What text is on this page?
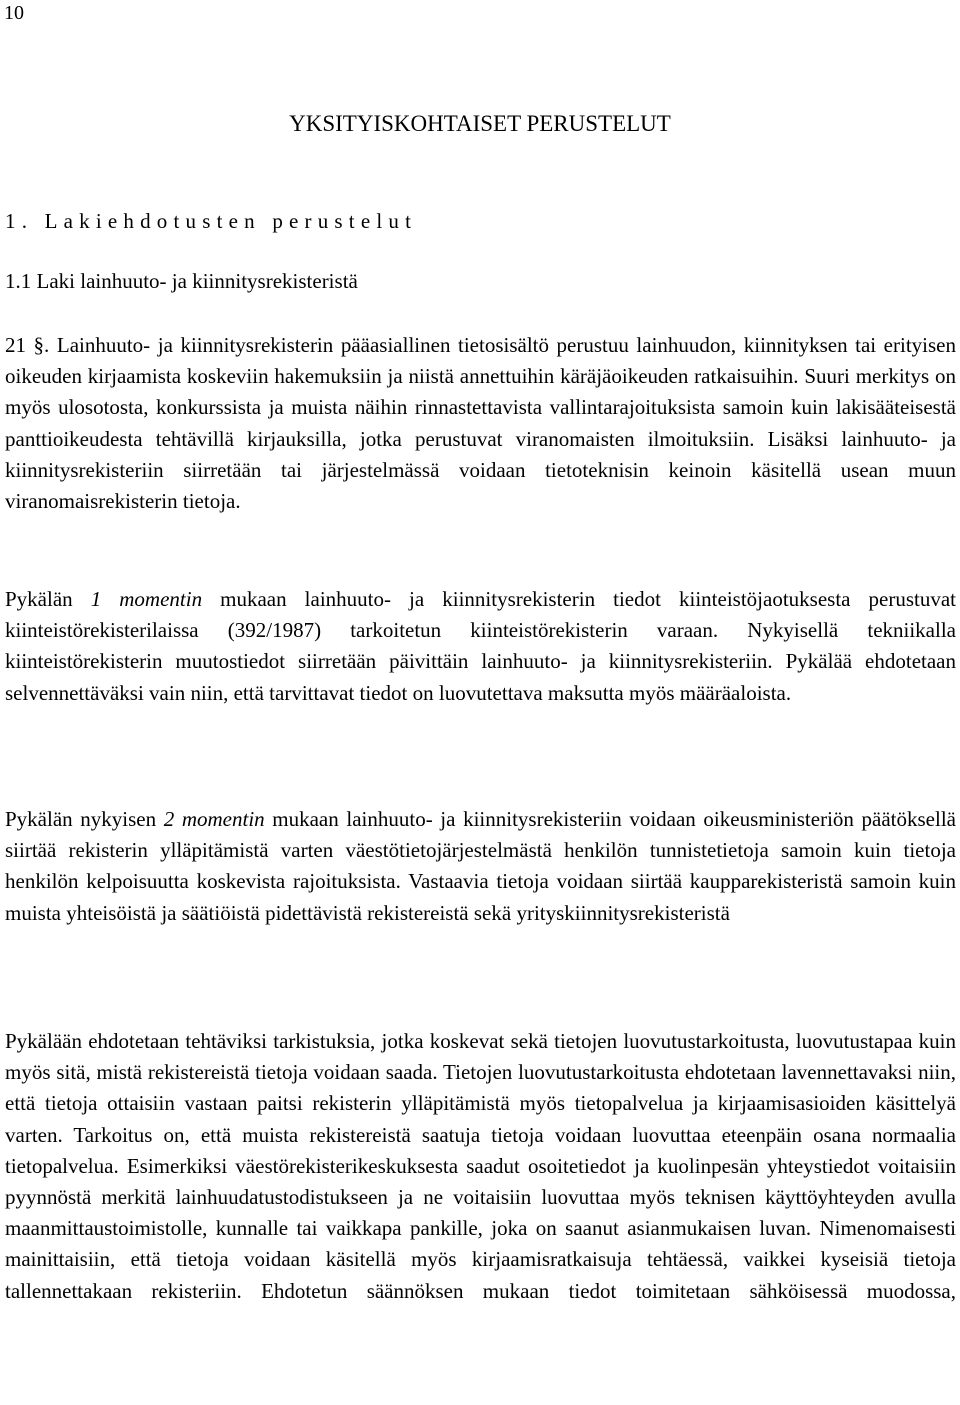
10
YKSITYISKOHTAISET PERUSTELUT
1. Lakiehdotusten perustelut
1.1 Laki lainhuuto- ja kiinnitysrekisteristä

21 §. Lainhuuto- ja kiinnitysrekisterin pääasiallinen tietosisältö perustuu lainhuudon, kiinnityksen tai erityisen oikeuden kirjaamista koskeviin hakemuksiin ja niistä annettuihin käräjäoikeuden ratkaisuihin. Suuri merkitys on myös ulosotosta, konkurssista ja muista näihin rinnastettavista vallintarajoituksista samoin kuin lakisääteisestä panttioikeudesta tehtävillä kirjauksilla, jotka perustuvat viranomaisten ilmoituksiin. Lisäksi lainhuuto- ja kiinnitysrekisteriin siirretään tai järjestelmässä voidaan tietoteknisin keinoin käsitellä usean muun viranomaisrekisterin tietoja.

Pykälän 1 momentin mukaan lainhuuto- ja kiinnitysrekisterin tiedot kiinteistöjaotuksesta perustuvat kiinteistörekisterilaissa (392/1987) tarkoitetun kiinteistörekisterin varaan. Nykyisellä tekniikalla kiinteistörekisterin muutostiedot siirretään päivittäin lainhuuto- ja kiinnitysrekisteriin. Pykälää ehdotetaan selvennettäväksi vain niin, että tarvittavat tiedot on luovutettava maksutta myös määräaloista.

Pykälän nykyisen 2 momentin mukaan lainhuuto- ja kiinnitysrekisteriin voidaan oikeusministeriön päätöksellä siirtää rekisterin ylläpitämistä varten väestötietojärjestelmästä henkilön tunnistetietoja samoin kuin tietoja henkilön kelpoisuutta koskevista rajoituksista. Vastaavia tietoja voidaan siirtää kaupparekisteristä samoin kuin muista yhteisöistä ja säätiöistä pidettävistä rekistereistä sekä yrityskiinnitysrekisteristä

Pykälään ehdotetaan tehtäviksi tarkistuksia, jotka koskevat sekä tietojen luovutustarkoitusta, luovutustapaa kuin myös sitä, mistä rekistereistä tietoja voidaan saada. Tietojen luovutustarkoitusta ehdotetaan lavennettavaksi niin, että tietoja ottaisiin vastaan paitsi rekisterin ylläpitämistä myös tietopalvelua ja kirjaamisasioiden käsittelyä varten. Tarkoitus on, että muista rekistereistä saatuja tietoja voidaan luovuttaa eteenpäin osana normaalia tietopalvelua. Esimerkiksi väestörekisterikeskuksesta saadut osoitetiedot ja kuolinpesän yhteystiedot voitaisiin pyynnöstä merkitä lainhuudatustodistukseen ja ne voitaisiin luovuttaa myös teknisen käyttöyhteyden avulla maanmittaustoimistolle, kunnalle tai vaikkapa pankille, joka on saanut asianmukaisen luvan. Nimenomaisesti mainittaisiin, että tietoja voidaan käsitellä myös kirjaamisratkaisuja tehtäessä, vaikkei kyseisiä tietoja tallennettakaan rekisteriin. Ehdotetun säännöksen mukaan tiedot toimitetaan sähköisessä muodossa,
